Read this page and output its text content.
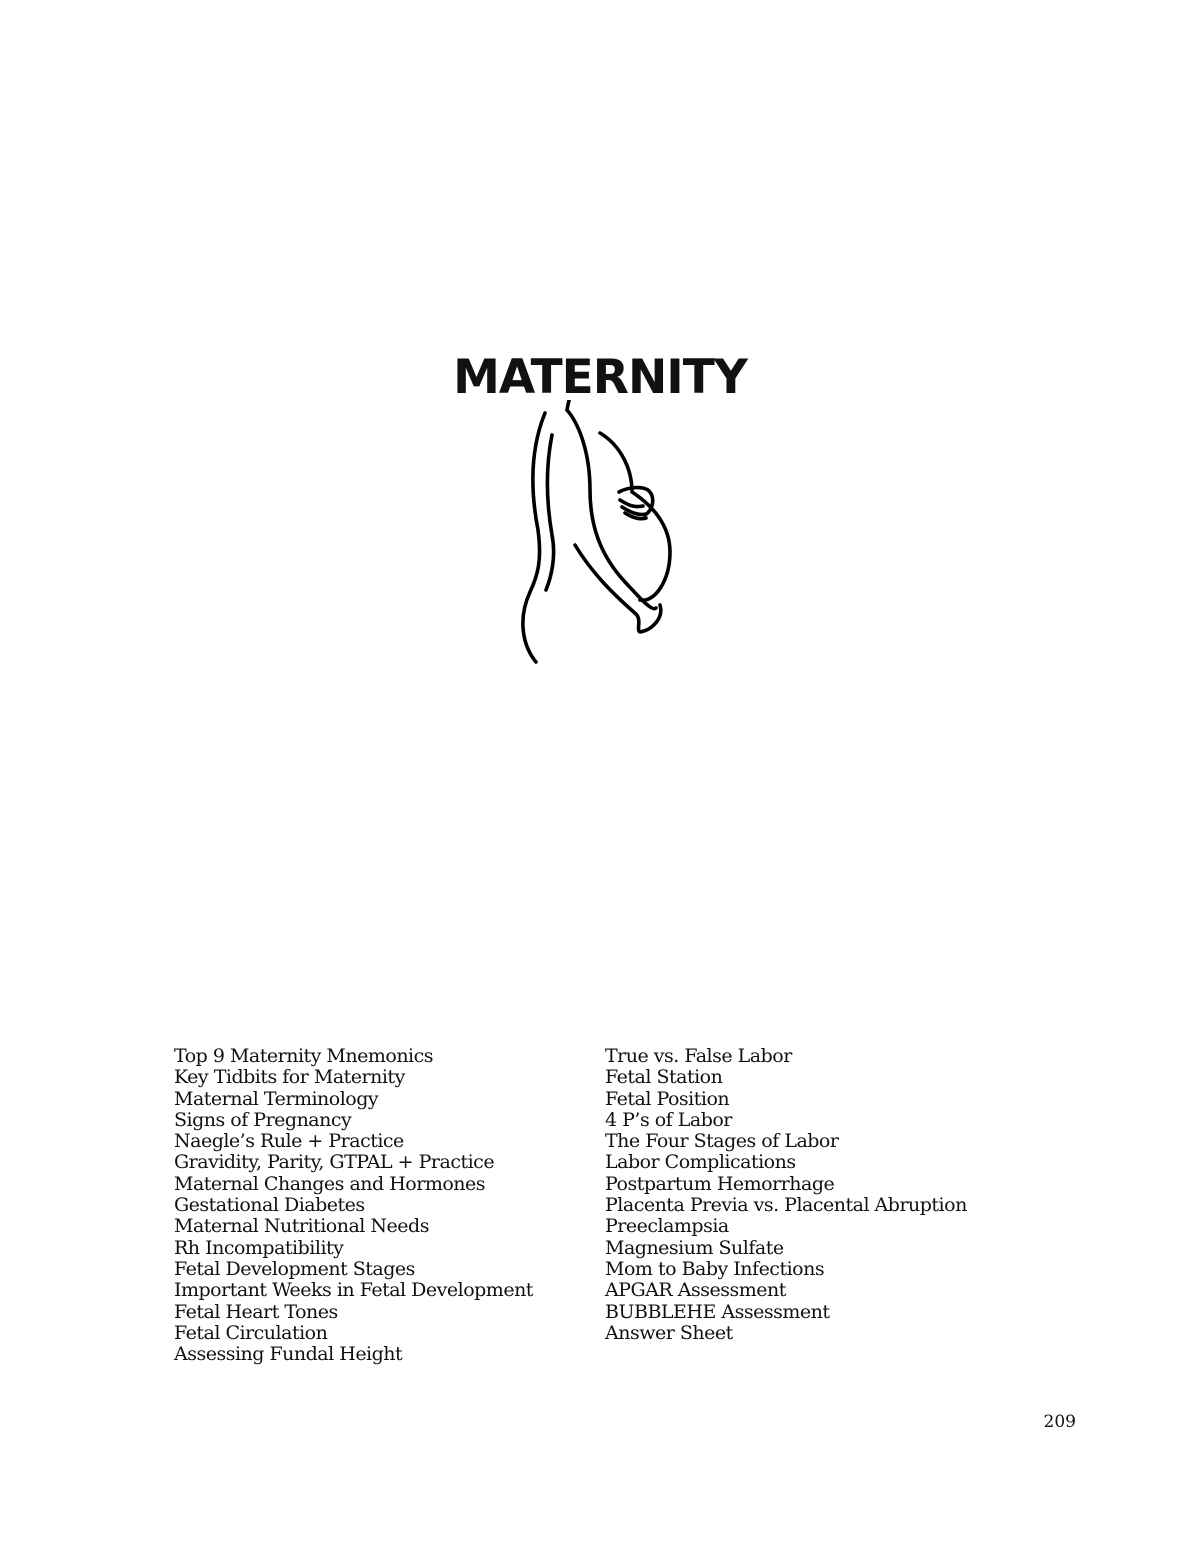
MATERNITY
Top 9 Maternity Mnemonics
Key Tidbits for Maternity
Maternal Terminology
Signs of Pregnancy
Naegle’s Rule + Practice
Gravidity, Parity, GTPAL + Practice
Maternal Changes and Hormones
Gestational Diabetes
Maternal Nutritional Needs
Rh Incompatibility
Fetal Development Stages
Important Weeks in Fetal Development
Fetal Heart Tones
Fetal Circulation
Assessing Fundal Height
True vs. False Labor
Fetal Station
Fetal Position
4 P’s of Labor
The Four Stages of Labor
Labor Complications
Postpartum Hemorrhage
Placenta Previa vs. Placental Abruption
Preeclampsia
Magnesium Sulfate
Mom to Baby Infections
APGAR Assessment
BUBBLEHE Assessment
Answer Sheet
209
